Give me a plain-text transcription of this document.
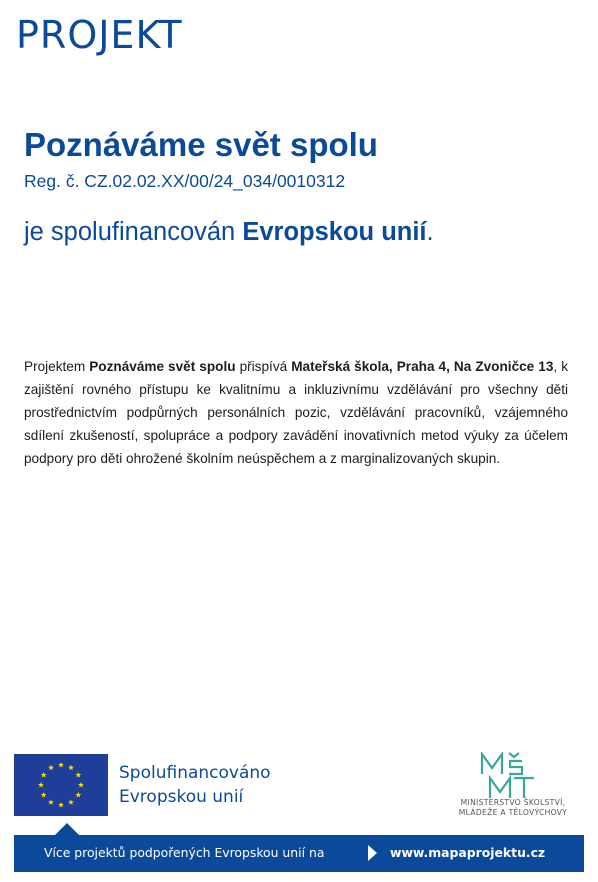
PROJEKT
Poznáváme svět spolu
Reg. č. CZ.02.02.XX/00/24_034/0010312
je spolufinancován Evropskou unií.
Projektem Poznáváme svět spolu přispívá Mateřská škola, Praha 4, Na Zvoničce 13, k zajištění rovného přístupu ke kvalitnímu a inkluzivnímu vzdělávání pro všechny děti prostřednictvím podpůrných personálních pozic, vzdělávání pracovníků, vzájemného sdílení zkušeností, spolupráce a podpory zavádění inovativních metod výuky za účelem podpory pro děti ohrožené školním neúspěchem a z marginalizovaných skupin.
Spolufinancováno
Evropskou unií	MINISTERSTVO ŠKOLSTVÍ,
MLÁDEŽE A TĚLOVÝCHOVY
Více projektů podpořených Evropskou unií na	www.mapaprojektu.cz
